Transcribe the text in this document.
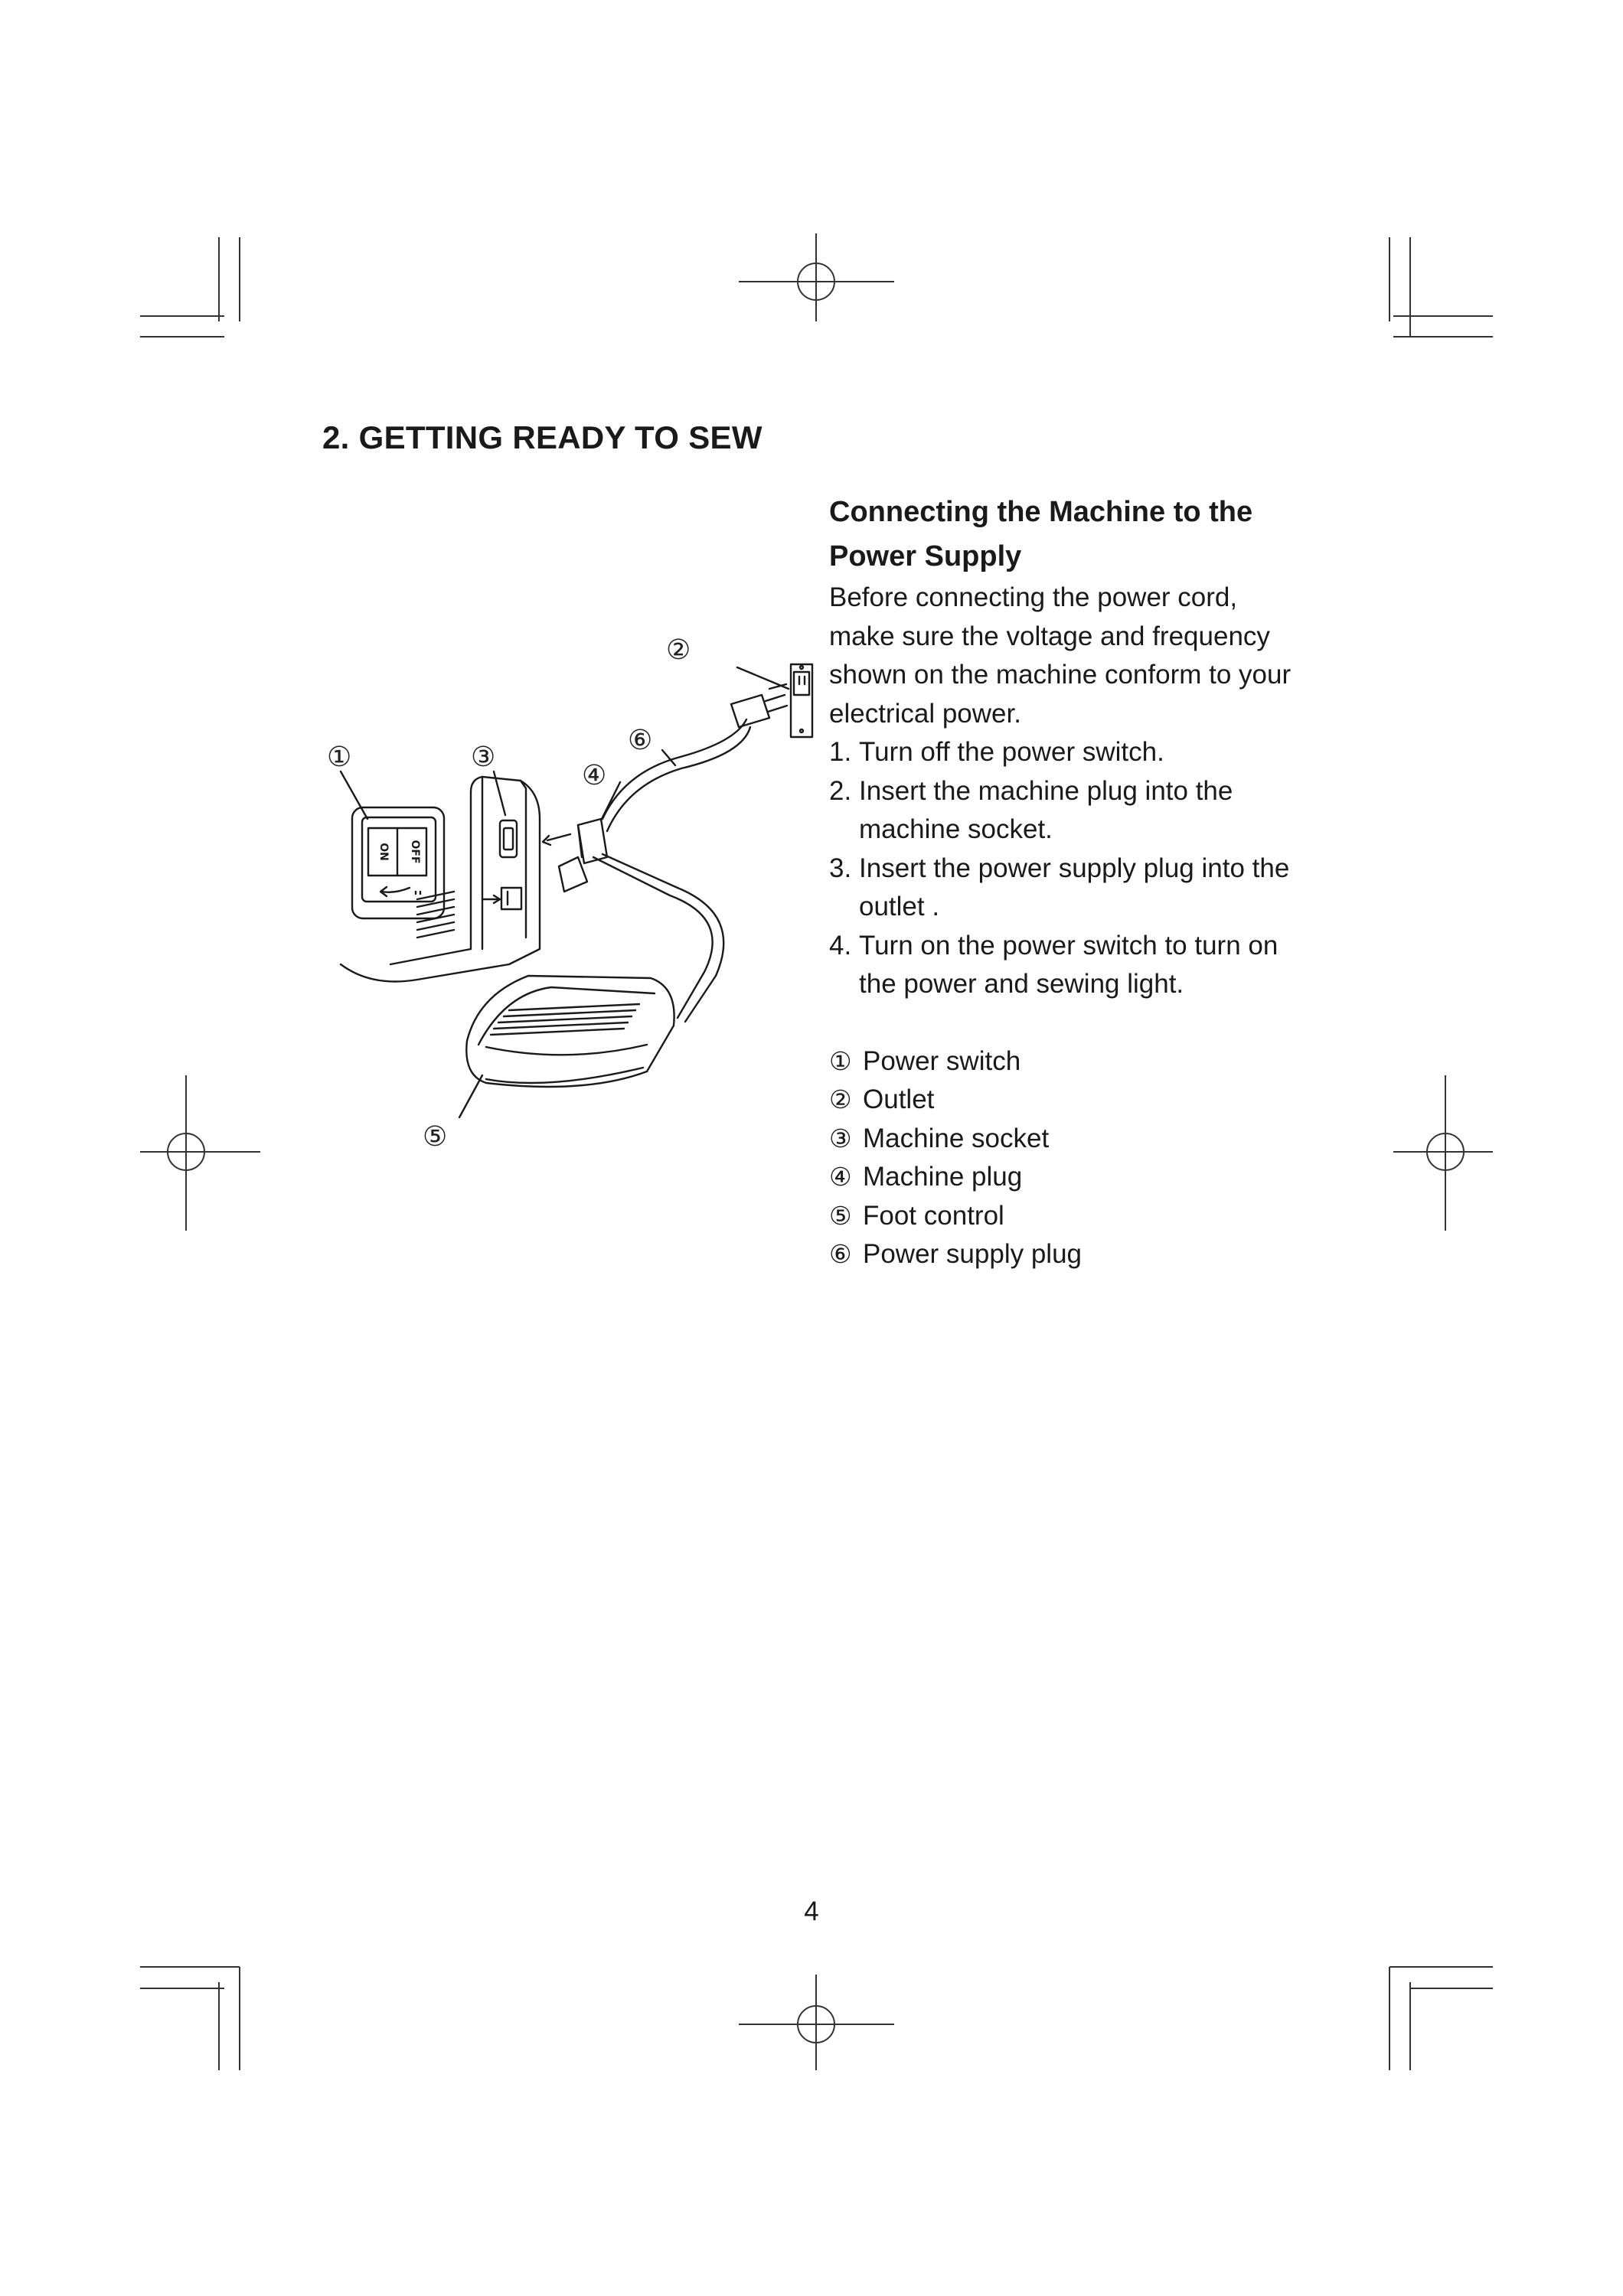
2. GETTING READY TO SEW
ON OFF
①
②
③
④
⑤
⑥
Connecting the Machine to the
Power Supply

Before connecting the power cord,
make sure the voltage and frequency
shown on the machine conform to your
electrical power.

1. Turn off the power switch.
2. Insert the machine plug into the
machine socket.
3. Insert the power supply plug into the
outlet .
4. Turn on the power switch to turn on
the power and sewing light.
① Power switch
② Outlet
③ Machine socket
④ Machine plug
⑤ Foot control
⑥ Power supply plug

4
